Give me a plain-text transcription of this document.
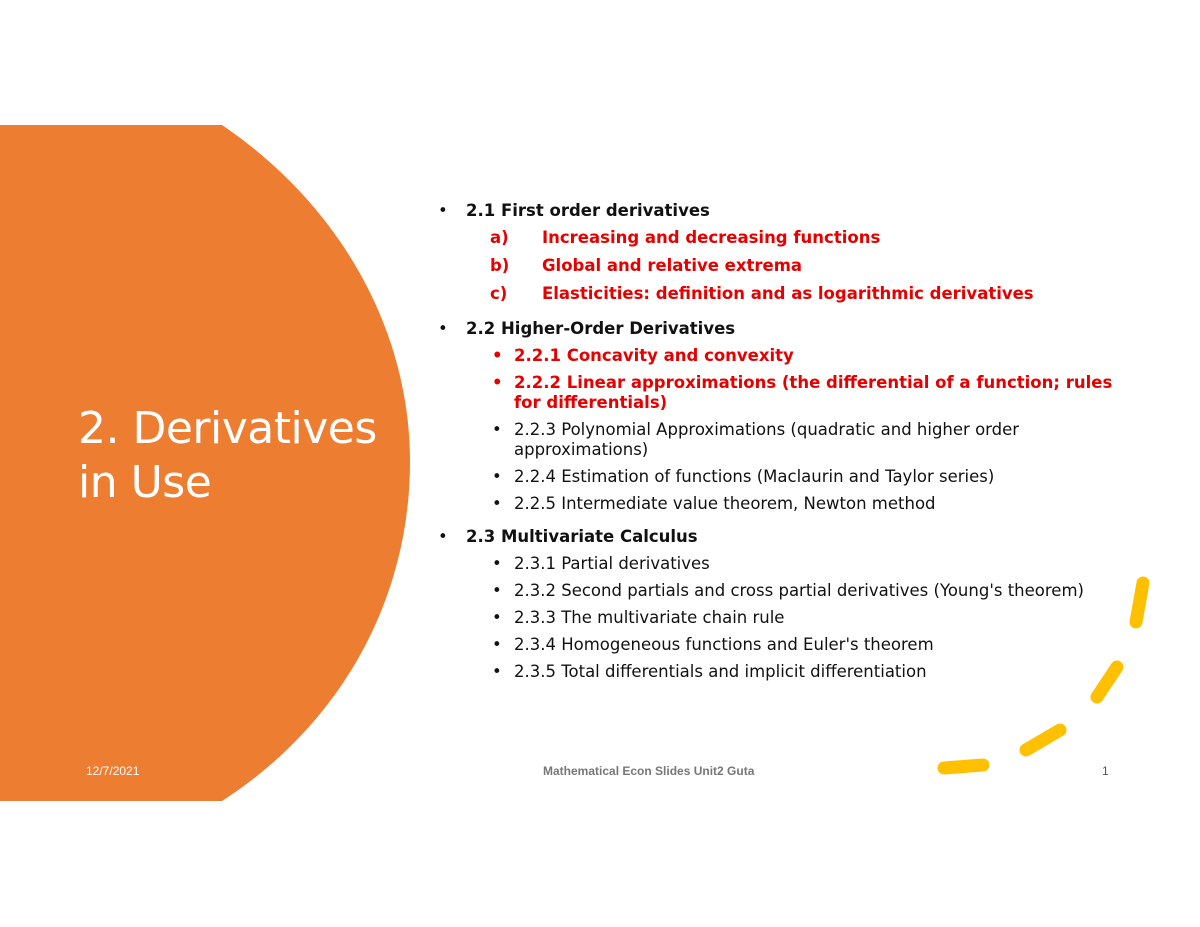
2. Derivatives in Use
• 2.1 First order derivatives
a) Increasing and decreasing functions
b) Global and relative extrema
c) Elasticities: definition and as logarithmic derivatives
• 2.2 Higher-Order Derivatives
• 2.2.1 Concavity and convexity
• 2.2.2 Linear approximations (the differential of a function; rules for differentials)
• 2.2.3 Polynomial Approximations (quadratic and higher order approximations)
• 2.2.4 Estimation of functions (Maclaurin and Taylor series)
• 2.2.5 Intermediate value theorem, Newton method
• 2.3 Multivariate Calculus
• 2.3.1 Partial derivatives
• 2.3.2 Second partials and cross partial derivatives (Young's theorem)
• 2.3.3 The multivariate chain rule
• 2.3.4 Homogeneous functions and Euler's theorem
• 2.3.5 Total differentials and implicit differentiation
12/7/2021	Mathematical Econ Slides Unit2 Guta	1
